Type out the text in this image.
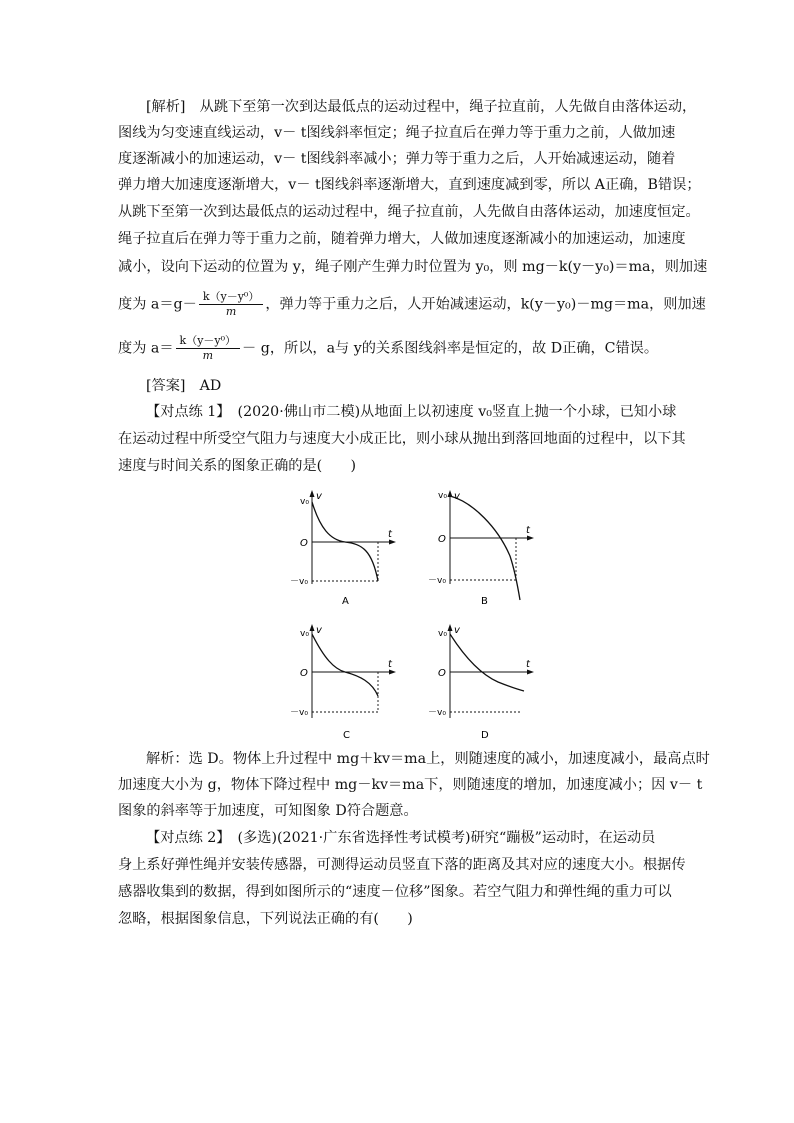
[解析]　从跳下至第一次到达最低点的运动过程中，绳子拉直前，人先做自由落体运动，
图线为匀变速直线运动，v－ t图线斜率恒定；绳子拉直后在弹力等于重力之前，人做加速
度逐渐减小的加速运动，v－ t图线斜率减小；弹力等于重力之后，人开始减速运动，随着
弹力增大加速度逐渐增大，v－ t图线斜率逐渐增大，直到速度减到零，所以 A正确，B错误；
从跳下至第一次到达最低点的运动过程中，绳子拉直前，人先做自由落体运动，加速度恒定。
绳子拉直后在弹力等于重力之前，随着弹力增大，人做加速度逐渐减小的加速运动，加速度
减小，设向下运动的位置为 y，绳子刚产生弹力时位置为 y₀，则 mg－k(y－y₀)＝ma，则加速
度为 $a=g- \frac{\text{k（y－y⁰）}}{m}$ ，弹力等于重力之后，人开始减速运动，k(y－y₀)－mg＝ma，则加速
度为 $a= \frac{\text{k（y－y⁰）}}{m} - g$，所以，a与 y的关系图线斜率是恒定的，故 D正确，C错误。
[答案]　AD
【对点练 1】　(2020·佛山市二模)从地面上以初速度 v₀竖直上抛一个小球，已知小球
在运动过程中所受空气阻力与速度大小成正比，则小球从抛出到落回地面的过程中，以下其
速度与时间关系的图象正确的是(　　)
v
v₀
O
t
－v₀
A
v
v₀
O
t
－v₀
B
v
v₀
O
t
－v₀
C
v
v₀
O
t
－v₀
D
解析：选 D。物体上升过程中 mg＋kv＝ma上，则随速度的减小，加速度减小，最高点时
加速度大小为 g，物体下降过程中 mg－kv＝ma下，则随速度的增加，加速度减小；因 v－ t
图象的斜率等于加速度，可知图象 D符合题意。
【对点练 2】　(多选)(2021·广东省选择性考试模考)研究“蹦极”运动时，在运动员
身上系好弹性绳并安装传感器，可测得运动员竖直下落的距离及其对应的速度大小。根据传
感器收集到的数据，得到如图所示的“速度－位移”图象。若空气阻力和弹性绳的重力可以
忽略，根据图象信息，下列说法正确的有(　　)
